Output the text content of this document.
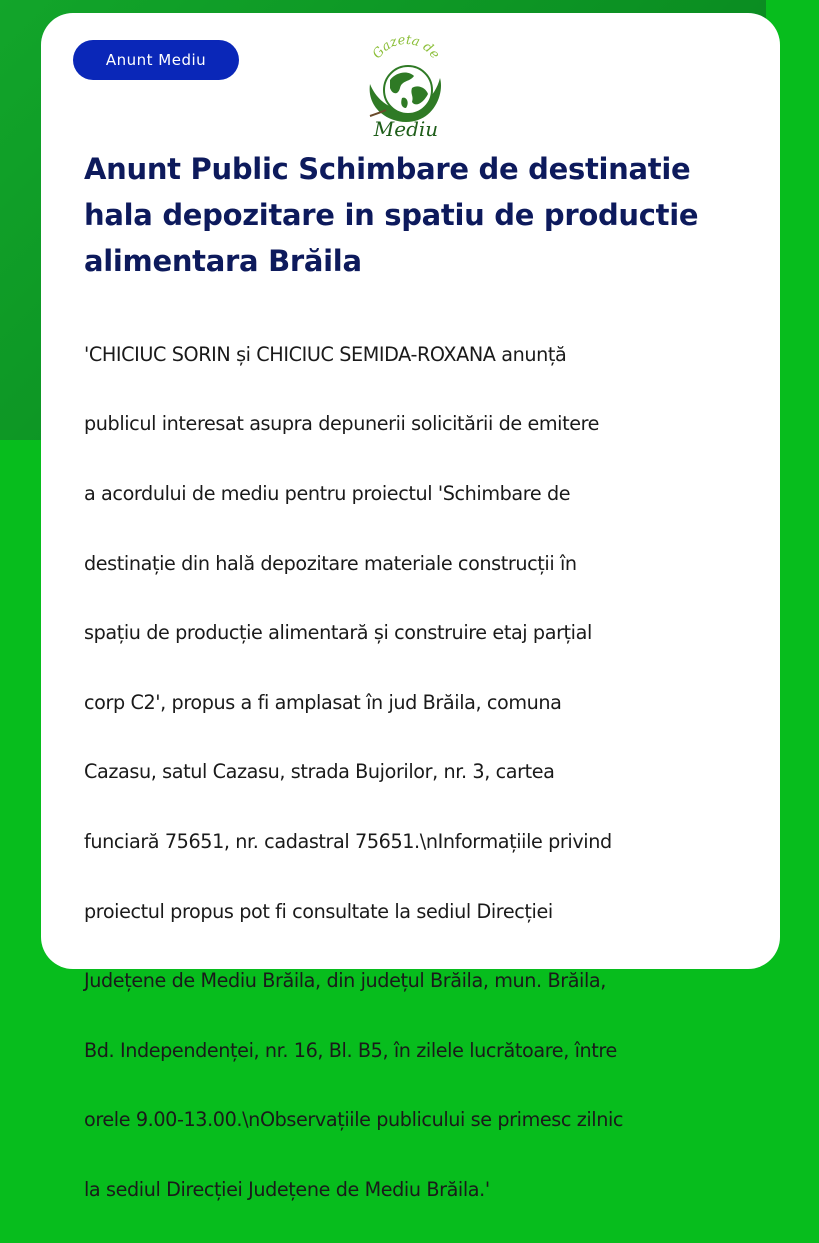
Anunt Mediu	Gazeta de
Mediu
Anunt Public Schimbare de destinatie hala depozitare in spatiu de productie alimentara Brăila

'CHICIUC SORIN și CHICIUC SEMIDA-ROXANA anunță

publicul interesat asupra depunerii solicitării de emitere

a acordului de mediu pentru proiectul 'Schimbare de

destinație din hală depozitare materiale construcții în

spațiu de producție alimentară și construire etaj parțial

corp C2', propus a fi amplasat în jud Brăila, comuna

Cazasu, satul Cazasu, strada Bujorilor, nr. 3, cartea

funciară 75651, nr. cadastral 75651.\nInformațiile privind

proiectul propus pot fi consultate la sediul Direcției

Județene de Mediu Brăila, din județul Brăila, mun. Brăila,

Bd. Independenței, nr. 16, Bl. B5, în zilele lucrătoare, între

orele 9.00-13.00.\nObservațiile publicului se primesc zilnic

la sediul Direcției Județene de Mediu Brăila.'
